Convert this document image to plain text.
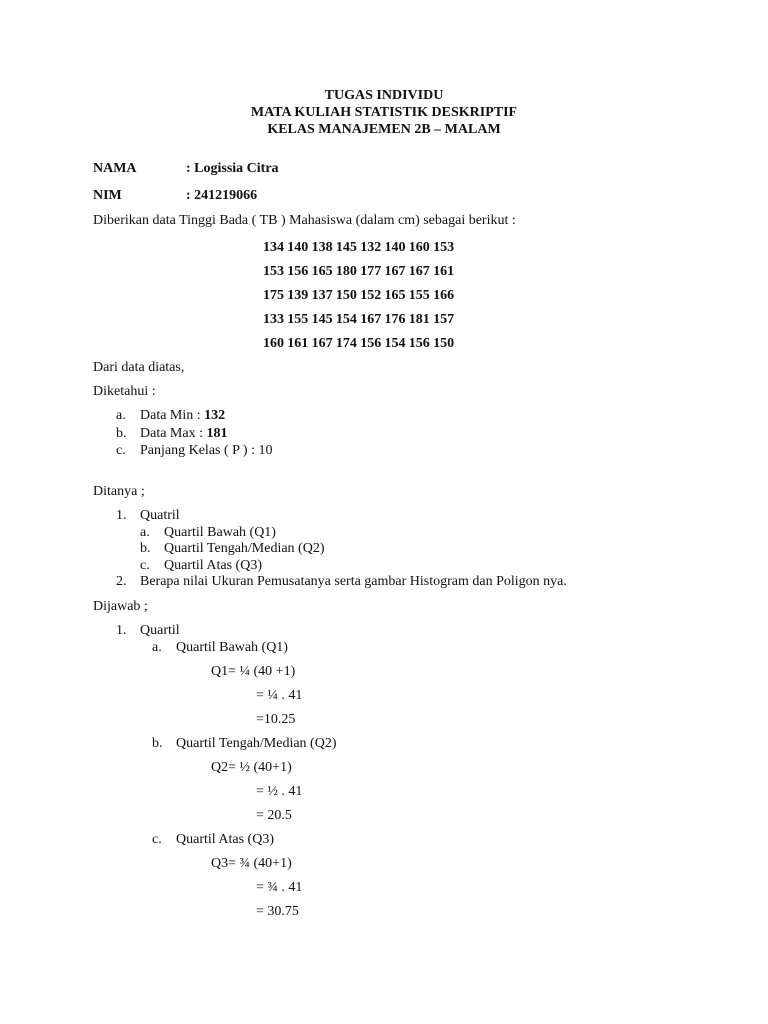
TUGAS INDIVIDU
MATA KULIAH STATISTIK DESKRIPTIF
KELAS MANAJEMEN 2B – MALAM
NAMA	: Logissia Citra
NIM	: 241219066
Diberikan data Tinggi Bada ( TB ) Mahasiswa (dalam cm) sebagai berikut :
134 140 138 145 132 140 160 153
153 156 165 180 177 167 167 161
175 139 137 150 152 165 155 166
133 155 145 154 167 176 181 157
160 161 167 174 156 154 156 150
Dari data diatas,
Diketahui :
a. Data Min : 132
b. Data Max : 181
c. Panjang Kelas ( P ) : 10
Ditanya ;
1. Quatril
a. Quartil Bawah (Q1)
b. Quartil Tengah/Median (Q2)
c. Quartil Atas (Q3)
2. Berapa nilai Ukuran Pemusatanya serta gambar Histogram dan Poligon nya.
Dijawab ;
1. Quartil
a. Quartil Bawah (Q1)
Q1= ¼ (40 +1)
= ¼ . 41
=10.25
b. Quartil Tengah/Median (Q2)
Q2= ½ (40+1)
= ½ . 41
= 20.5
c. Quartil Atas (Q3)
Q3= ¾ (40+1)
= ¾ . 41
= 30.75
